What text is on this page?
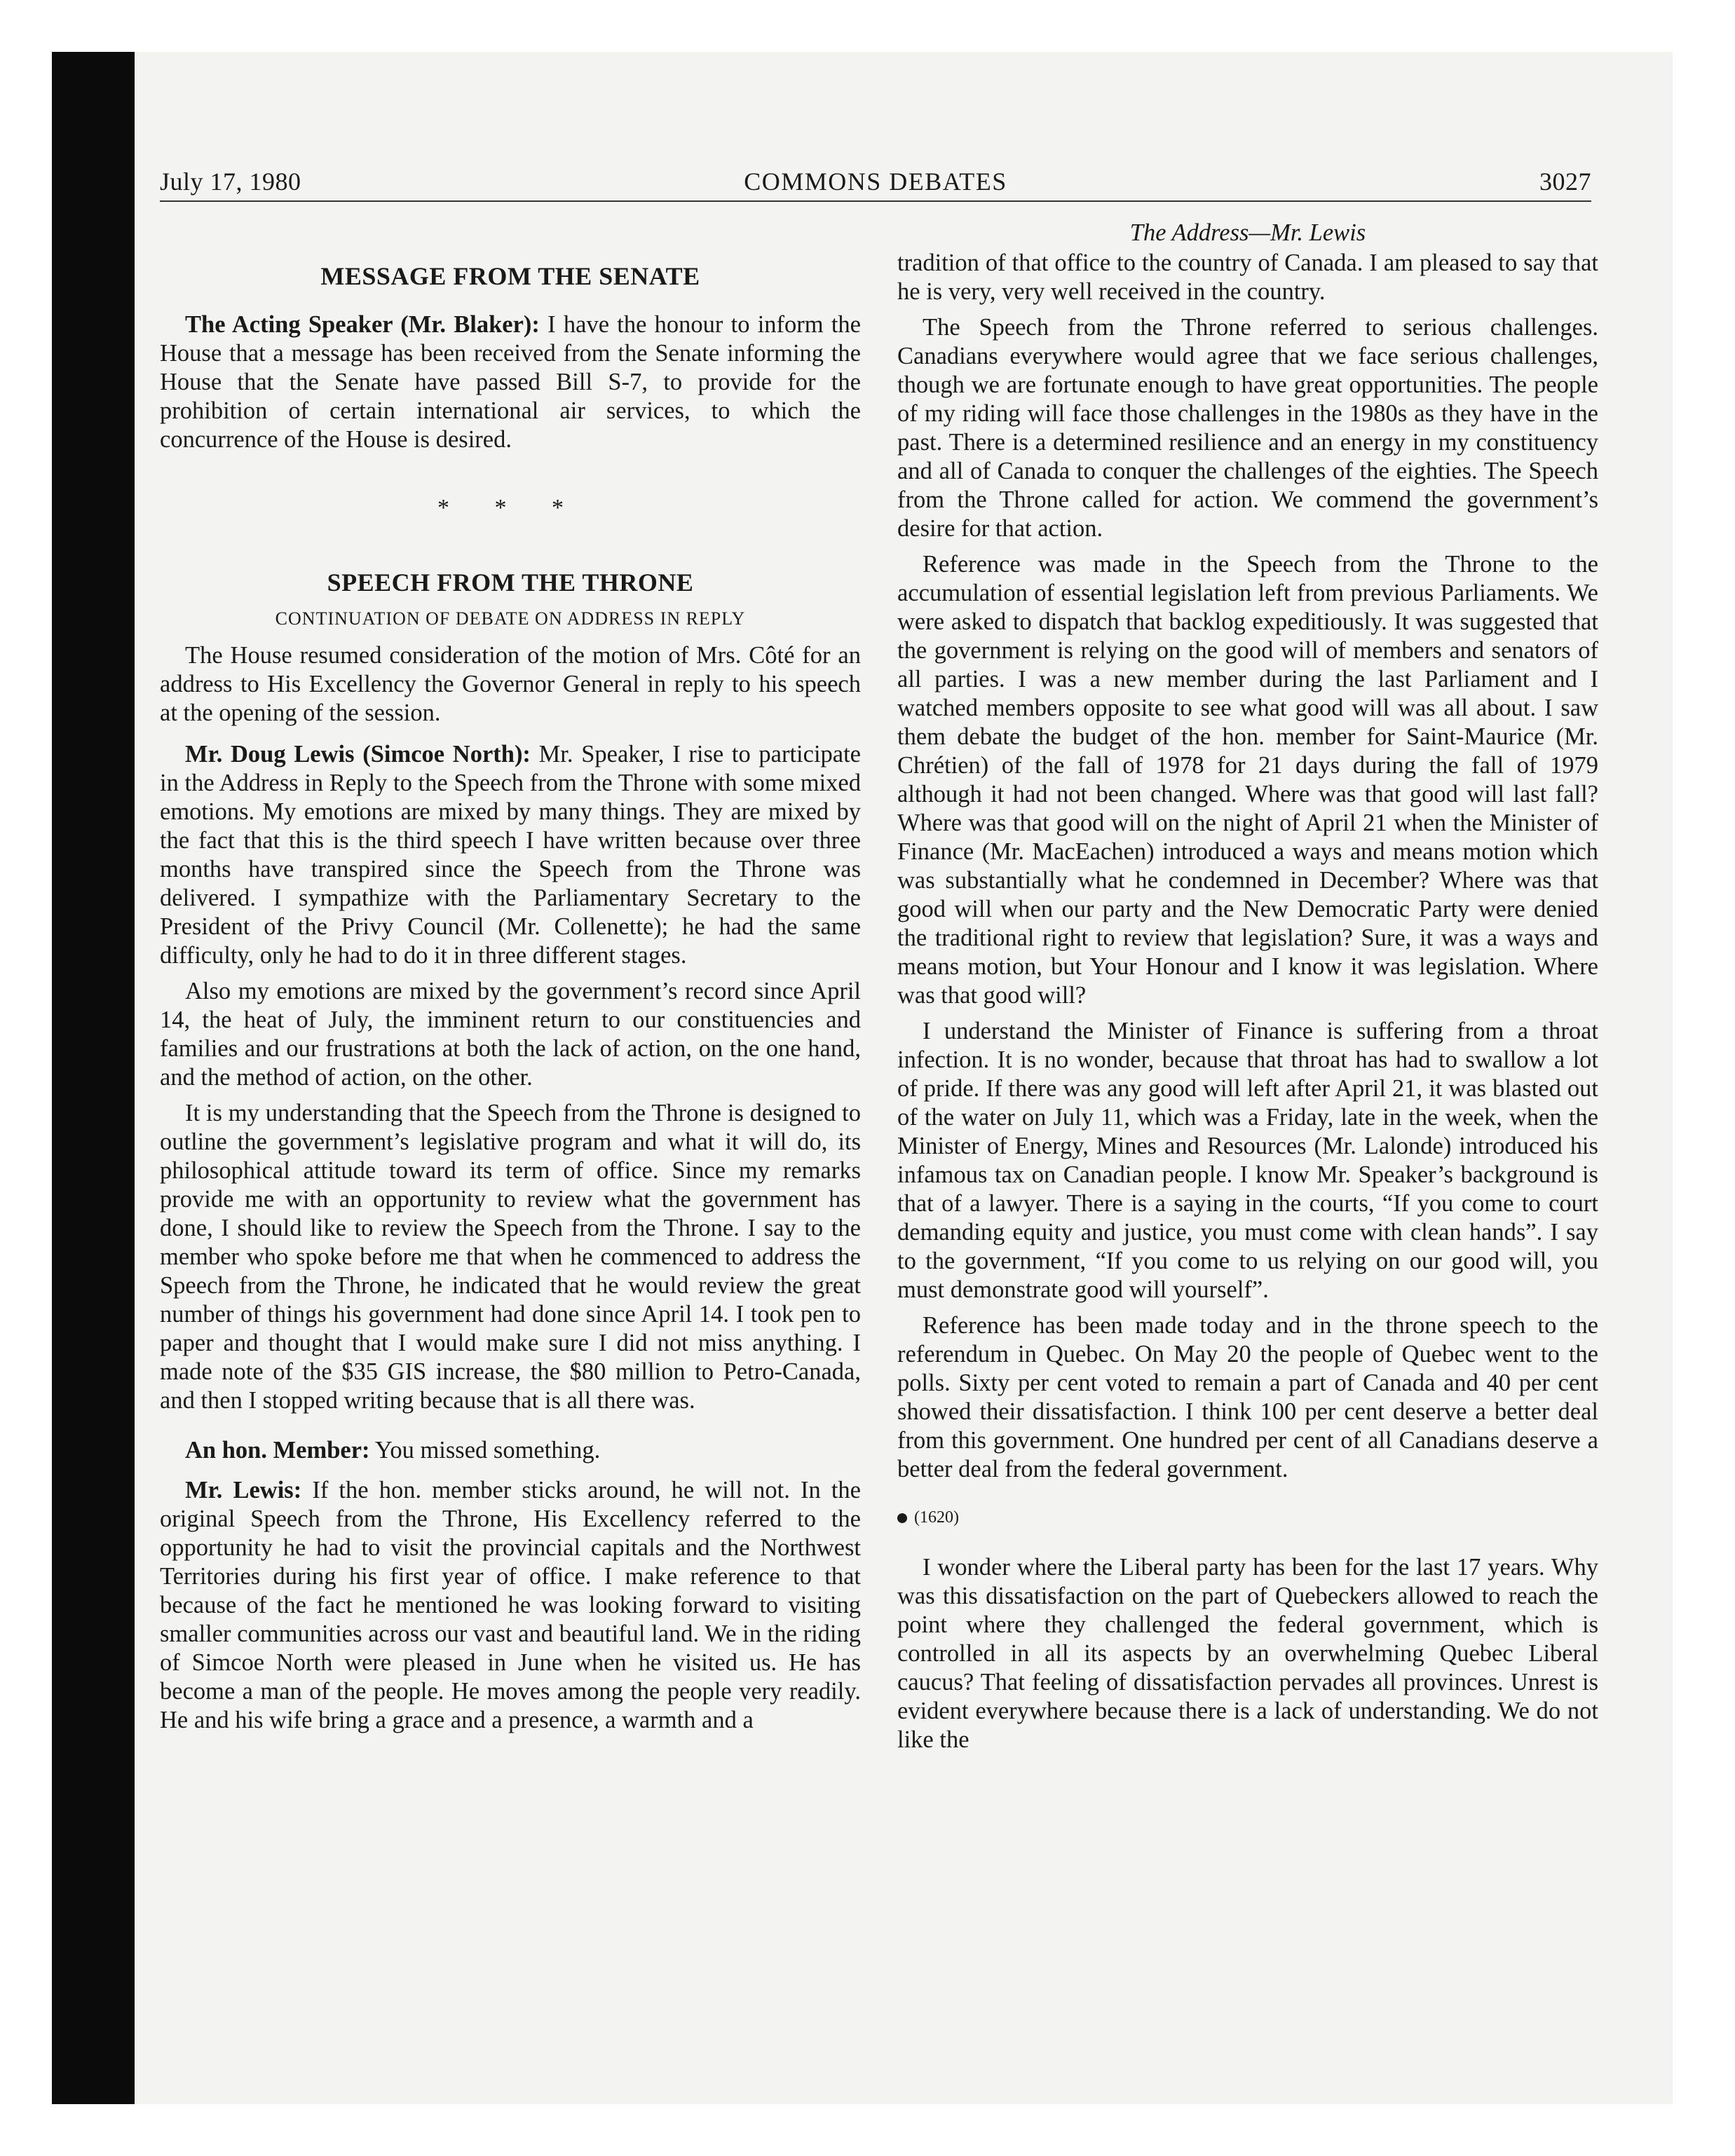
July 17, 1980	COMMONS DEBATES	3027
MESSAGE FROM THE SENATE

The Acting Speaker (Mr. Blaker): I have the honour to inform the House that a message has been received from the Senate informing the House that the Senate have passed Bill S-7, to provide for the prohibition of certain international air services, to which the concurrence of the House is desired.

* * *
SPEECH FROM THE THRONE
CONTINUATION OF DEBATE ON ADDRESS IN REPLY

The House resumed consideration of the motion of Mrs. Côté for an address to His Excellency the Governor General in reply to his speech at the opening of the session.

Mr. Doug Lewis (Simcoe North): Mr. Speaker, I rise to participate in the Address in Reply to the Speech from the Throne with some mixed emotions. My emotions are mixed by many things. They are mixed by the fact that this is the third speech I have written because over three months have transpired since the Speech from the Throne was delivered. I sympathize with the Parliamentary Secretary to the President of the Privy Council (Mr. Collenette); he had the same difficulty, only he had to do it in three different stages.

Also my emotions are mixed by the government’s record since April 14, the heat of July, the imminent return to our constituencies and families and our frustrations at both the lack of action, on the one hand, and the method of action, on the other.

It is my understanding that the Speech from the Throne is designed to outline the government’s legislative program and what it will do, its philosophical attitude toward its term of office. Since my remarks provide me with an opportunity to review what the government has done, I should like to review the Speech from the Throne. I say to the member who spoke before me that when he commenced to address the Speech from the Throne, he indicated that he would review the great number of things his government had done since April 14. I took pen to paper and thought that I would make sure I did not miss anything. I made note of the $35 GIS increase, the $80 million to Petro-Canada, and then I stopped writing because that is all there was.

An hon. Member: You missed something.

Mr. Lewis: If the hon. member sticks around, he will not. In the original Speech from the Throne, His Excellency referred to the opportunity he had to visit the provincial capitals and the Northwest Territories during his first year of office. I make reference to that because of the fact he mentioned he was looking forward to visiting smaller communities across our vast and beautiful land. We in the riding of Simcoe North were pleased in June when he visited us. He has become a man of the people. He moves among the people very readily. He and his wife bring a grace and a presence, a warmth and a

The Address—Mr. Lewis

tradition of that office to the country of Canada. I am pleased to say that he is very, very well received in the country.

The Speech from the Throne referred to serious challenges. Canadians everywhere would agree that we face serious challenges, though we are fortunate enough to have great opportunities. The people of my riding will face those challenges in the 1980s as they have in the past. There is a determined resilience and an energy in my constituency and all of Canada to conquer the challenges of the eighties. The Speech from the Throne called for action. We commend the government’s desire for that action.

Reference was made in the Speech from the Throne to the accumulation of essential legislation left from previous Parliaments. We were asked to dispatch that backlog expeditiously. It was suggested that the government is relying on the good will of members and senators of all parties. I was a new member during the last Parliament and I watched members opposite to see what good will was all about. I saw them debate the budget of the hon. member for Saint-Maurice (Mr. Chrétien) of the fall of 1978 for 21 days during the fall of 1979 although it had not been changed. Where was that good will last fall? Where was that good will on the night of April 21 when the Minister of Finance (Mr. MacEachen) introduced a ways and means motion which was substantially what he condemned in December? Where was that good will when our party and the New Democratic Party were denied the traditional right to review that legislation? Sure, it was a ways and means motion, but Your Honour and I know it was legislation. Where was that good will?

I understand the Minister of Finance is suffering from a throat infection. It is no wonder, because that throat has had to swallow a lot of pride. If there was any good will left after April 21, it was blasted out of the water on July 11, which was a Friday, late in the week, when the Minister of Energy, Mines and Resources (Mr. Lalonde) introduced his infamous tax on Canadian people. I know Mr. Speaker’s background is that of a lawyer. There is a saying in the courts, “If you come to court demanding equity and justice, you must come with clean hands”. I say to the government, “If you come to us relying on our good will, you must demonstrate good will yourself”.

Reference has been made today and in the throne speech to the referendum in Quebec. On May 20 the people of Quebec went to the polls. Sixty per cent voted to remain a part of Canada and 40 per cent showed their dissatisfaction. I think 100 per cent deserve a better deal from this government. One hundred per cent of all Canadians deserve a better deal from the federal government.

(1620)

I wonder where the Liberal party has been for the last 17 years. Why was this dissatisfaction on the part of Quebeckers allowed to reach the point where they challenged the federal government, which is controlled in all its aspects by an overwhelming Quebec Liberal caucus? That feeling of dissatisfaction pervades all provinces. Unrest is evident everywhere because there is a lack of understanding. We do not like the
